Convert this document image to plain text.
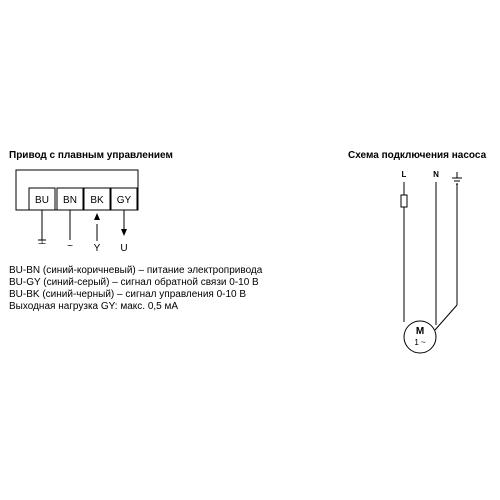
Привод с плавным управлением	Схема подключения насоса
BU	BN	BK	GY
⊥	~	Y	U
BU-BN (синий-коричневый) – питание электропривода
BU-GY (синий-серый) – сигнал обратной связи 0-10 В
BU-BK (синий-черный) – сигнал управления 0-10 В
Выходная нагрузка GY: макс. 0,5 мА
L	N
M
1 ~
